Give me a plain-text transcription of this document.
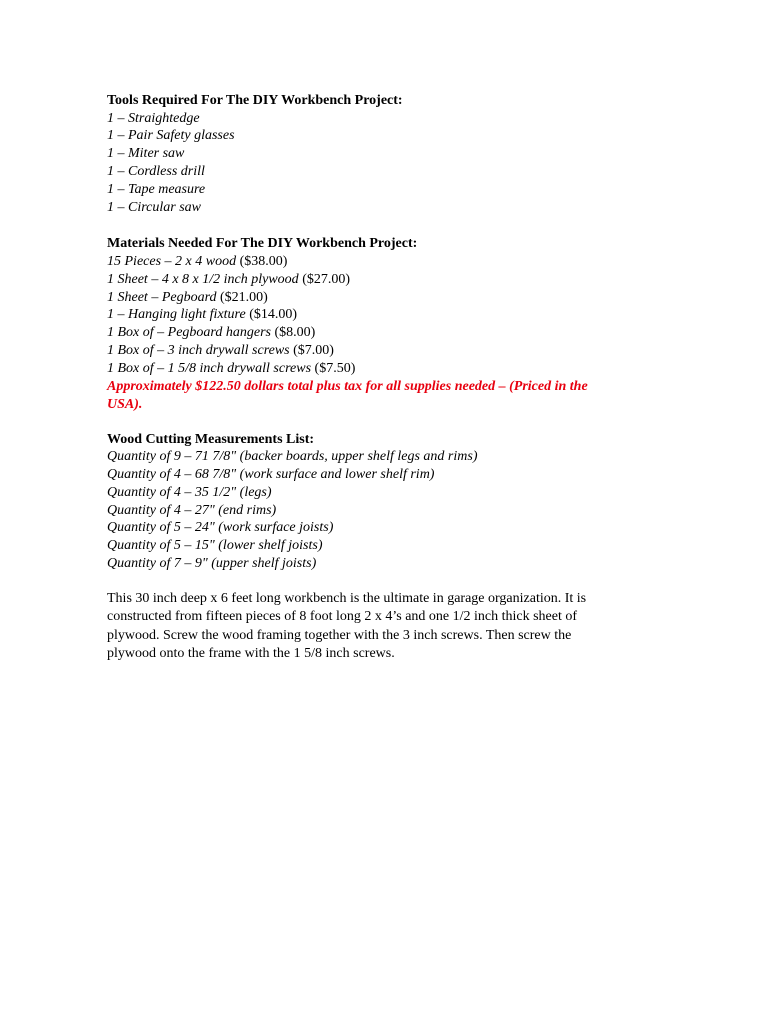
Tools Required For The DIY Workbench Project:

1 – Straightedge

1 – Pair Safety glasses

1 – Miter saw

1 – Cordless drill

1 – Tape measure

1 – Circular saw

Materials Needed For The DIY Workbench Project:

15 Pieces – 2 x 4 wood ($38.00)

1 Sheet – 4 x 8 x 1/2 inch plywood ($27.00)

1 Sheet – Pegboard ($21.00)

1 – Hanging light fixture ($14.00)

1 Box of – Pegboard hangers ($8.00)

1 Box of – 3 inch drywall screws ($7.00)

1 Box of – 1 5/8 inch drywall screws ($7.50)

Approximately $122.50 dollars total plus tax for all supplies needed – (Priced in the

USA).

Wood Cutting Measurements List:

Quantity of 9 – 71 7/8" (backer boards, upper shelf legs and rims)

Quantity of 4 – 68 7/8" (work surface and lower shelf rim)

Quantity of 4 – 35 1/2" (legs)

Quantity of 4 – 27" (end rims)

Quantity of 5 – 24" (work surface joists)

Quantity of 5 – 15" (lower shelf joists)

Quantity of 7 – 9" (upper shelf joists)

This 30 inch deep x 6 feet long workbench is the ultimate in garage organization. It is

constructed from fifteen pieces of 8 foot long 2 x 4’s and one 1/2 inch thick sheet of

plywood. Screw the wood framing together with the 3 inch screws. Then screw the

plywood onto the frame with the 1 5/8 inch screws.
